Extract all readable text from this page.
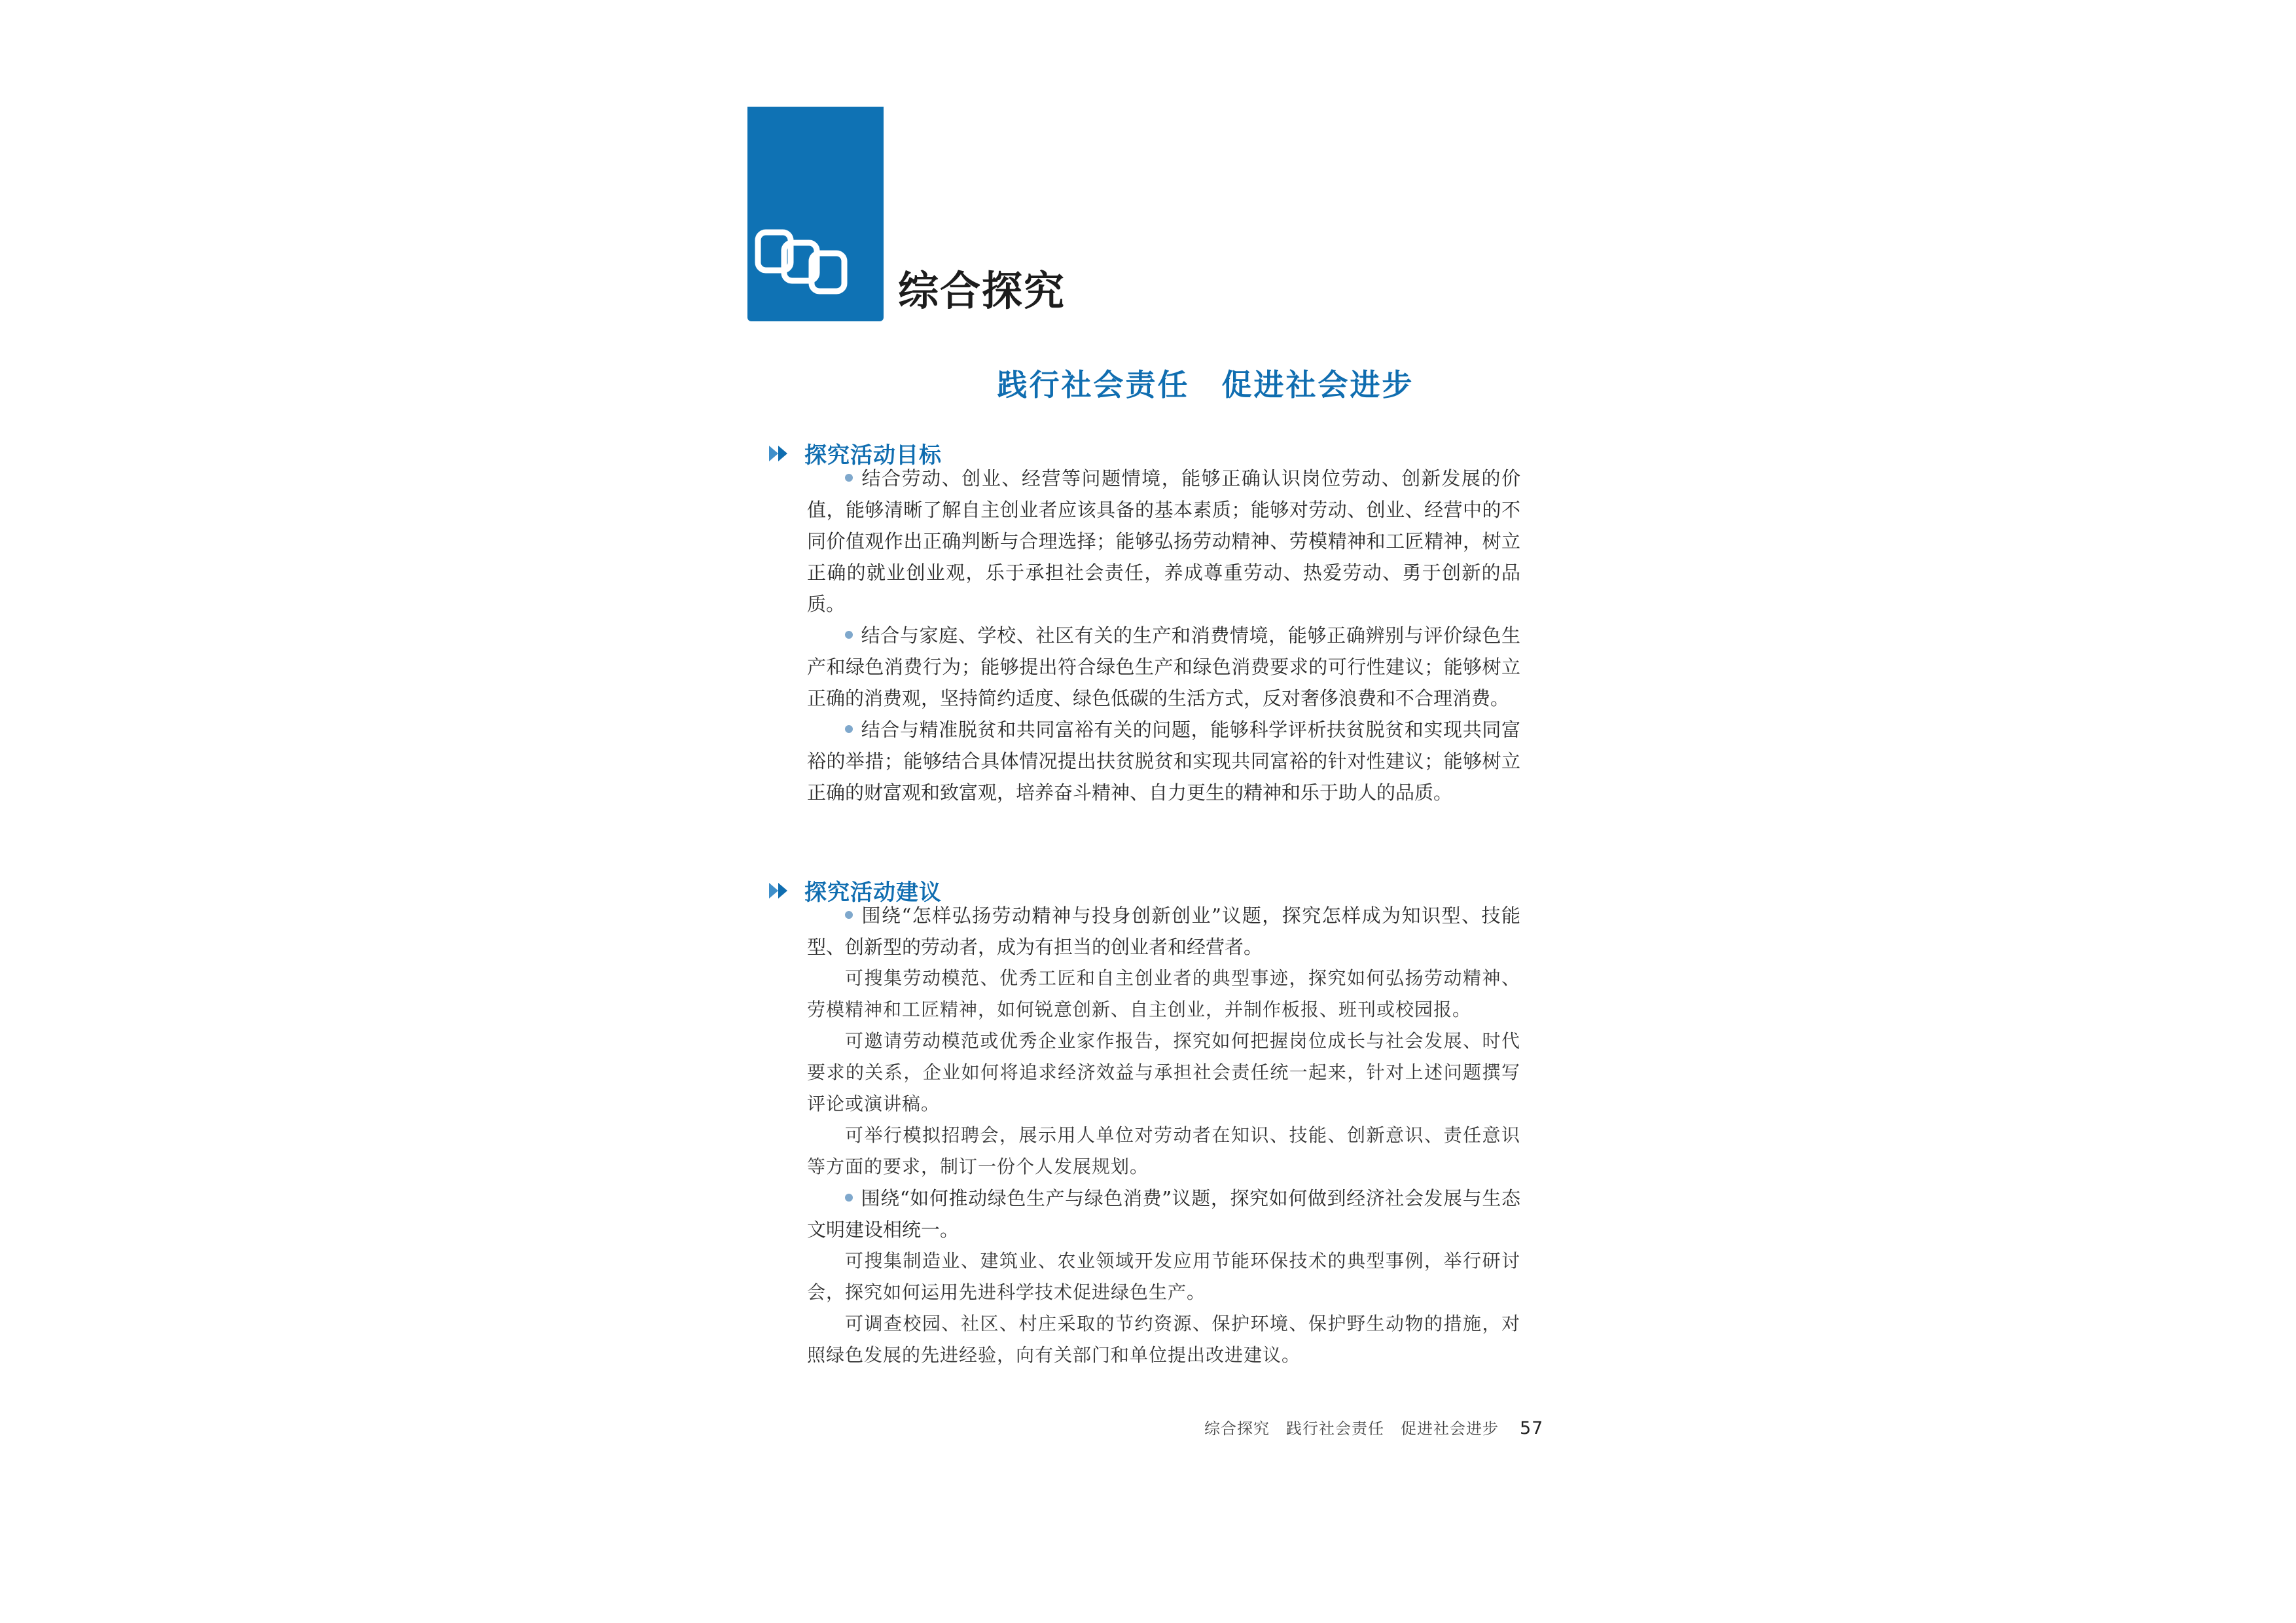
综合探究
践行社会责任　促进社会进步
探究活动目标

结合劳动、创业、经营等问题情境，能够正确认识岗位劳动、创新发展的价值，能够清晰了解自主创业者应该具备的基本素质；能够对劳动、创业、经营中的不同价值观作出正确判断与合理选择；能够弘扬劳动精神、劳模精神和工匠精神，树立正确的就业创业观，乐于承担社会责任，养成尊重劳动、热爱劳动、勇于创新的品质。

结合与家庭、学校、社区有关的生产和消费情境，能够正确辨别与评价绿色生产和绿色消费行为；能够提出符合绿色生产和绿色消费要求的可行性建议；能够树立正确的消费观，坚持简约适度、绿色低碳的生活方式，反对奢侈浪费和不合理消费。

结合与精准脱贫和共同富裕有关的问题，能够科学评析扶贫脱贫和实现共同富裕的举措；能够结合具体情况提出扶贫脱贫和实现共同富裕的针对性建议；能够树立正确的财富观和致富观，培养奋斗精神、自力更生的精神和乐于助人的品质。

探究活动建议

围绕“怎样弘扬劳动精神与投身创新创业”议题，探究怎样成为知识型、技能型、创新型的劳动者，成为有担当的创业者和经营者。

可搜集劳动模范、优秀工匠和自主创业者的典型事迹，探究如何弘扬劳动精神、劳模精神和工匠精神，如何锐意创新、自主创业，并制作板报、班刊或校园报。

可邀请劳动模范或优秀企业家作报告，探究如何把握岗位成长与社会发展、时代要求的关系，企业如何将追求经济效益与承担社会责任统一起来，针对上述问题撰写评论或演讲稿。

可举行模拟招聘会，展示用人单位对劳动者在知识、技能、创新意识、责任意识等方面的要求，制订一份个人发展规划。

围绕“如何推动绿色生产与绿色消费”议题，探究如何做到经济社会发展与生态文明建设相统一。

可搜集制造业、建筑业、农业领域开发应用节能环保技术的典型事例，举行研讨会，探究如何运用先进科学技术促进绿色生产。

可调查校园、社区、村庄采取的节约资源、保护环境、保护野生动物的措施，对照绿色发展的先进经验，向有关部门和单位提出改进建议。

综合探究　践行社会责任　促进社会进步 57
